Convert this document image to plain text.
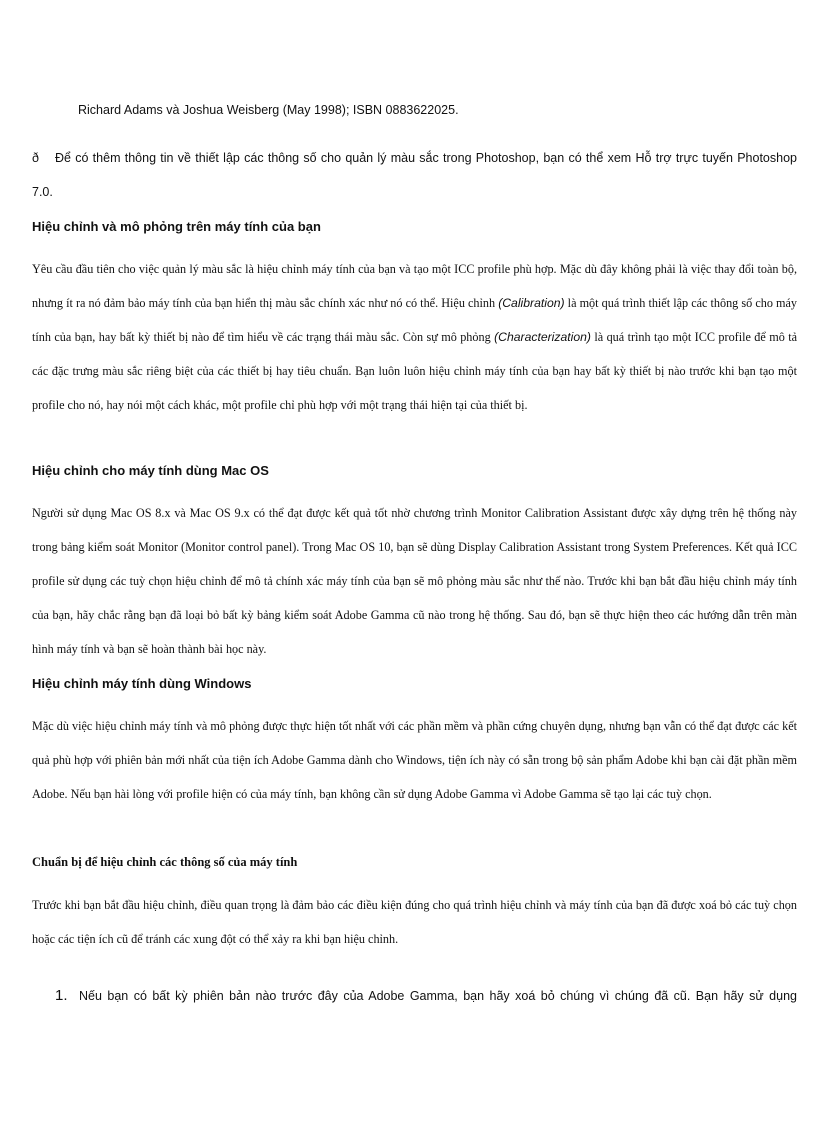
Richard Adams và Joshua Weisberg (May 1998); ISBN 0883622025.
ð Để có thêm thông tin về thiết lập các thông số cho quản lý màu sắc trong Photoshop, bạn có thể xem Hỗ trợ trực tuyến Photoshop 7.0.
Hiệu chỉnh và mô phỏng trên máy tính của bạn
Yêu cầu đầu tiên cho việc quản lý màu sắc là hiệu chỉnh máy tính của bạn và tạo một ICC profile phù hợp. Mặc dù đây không phải là việc thay đổi toàn bộ, nhưng ít ra nó đảm bảo máy tính của bạn hiển thị màu sắc chính xác như nó có thể. Hiệu chỉnh (Calibration) là một quá trình thiết lập các thông số cho máy tính của bạn, hay bất kỳ thiết bị nào để tìm hiểu về các trạng thái màu sắc. Còn sự mô phỏng (Characterization) là quá trình tạo một ICC profile để mô tả các đặc trưng màu sắc riêng biệt của các thiết bị hay tiêu chuẩn. Bạn luôn luôn hiệu chỉnh máy tính của bạn hay bất kỳ thiết bị nào trước khi bạn tạo một profile cho nó, hay nói một cách khác, một profile chỉ phù hợp với một trạng thái hiện tại của thiết bị.
Hiệu chỉnh cho máy tính dùng Mac OS
Người sử dụng Mac OS 8.x và Mac OS 9.x có thể đạt được kết quả tốt nhờ chương trình Monitor Calibration Assistant được xây dựng trên hệ thống này trong bảng kiểm soát Monitor (Monitor control panel). Trong Mac OS 10, bạn sẽ dùng Display Calibration Assistant trong System Preferences. Kết quả ICC profile sử dụng các tuỳ chọn hiệu chỉnh để mô tả chính xác máy tính của bạn sẽ mô phỏng màu sắc như thế nào. Trước khi bạn bắt đầu hiệu chỉnh máy tính của bạn, hãy chắc rằng bạn đã loại bỏ bất kỳ bảng kiểm soát Adobe Gamma cũ nào trong hệ thống. Sau đó, bạn sẽ thực hiện theo các hướng dẫn trên màn hình máy tính và bạn sẽ hoàn thành bài học này.
Hiệu chỉnh máy tính dùng Windows
Mặc dù việc hiệu chỉnh máy tính và mô phỏng được thực hiện tốt nhất với các phần mềm và phần cứng chuyên dụng, nhưng bạn vẫn có thể đạt được các kết quả phù hợp với phiên bản mới nhất của tiện ích Adobe Gamma dành cho Windows, tiện ích này có sẵn trong bộ sản phẩm Adobe khi bạn cài đặt phần mềm Adobe. Nếu bạn hài lòng với profile hiện có của máy tính, bạn không cần sử dụng Adobe Gamma vì Adobe Gamma sẽ tạo lại các tuỳ chọn.
Chuẩn bị để hiệu chỉnh các thông số của máy tính
Trước khi bạn bắt đầu hiệu chỉnh, điều quan trọng là đảm bảo các điều kiện đúng cho quá trình hiệu chỉnh và máy tính của bạn đã được xoá bỏ các tuỳ chọn hoặc các tiện ích cũ để tránh các xung đột có thể xảy ra khi bạn hiệu chỉnh.
1. Nếu bạn có bất kỳ phiên bản nào trước đây của Adobe Gamma, bạn hãy xoá bỏ chúng vì chúng đã cũ. Bạn hãy sử dụng
